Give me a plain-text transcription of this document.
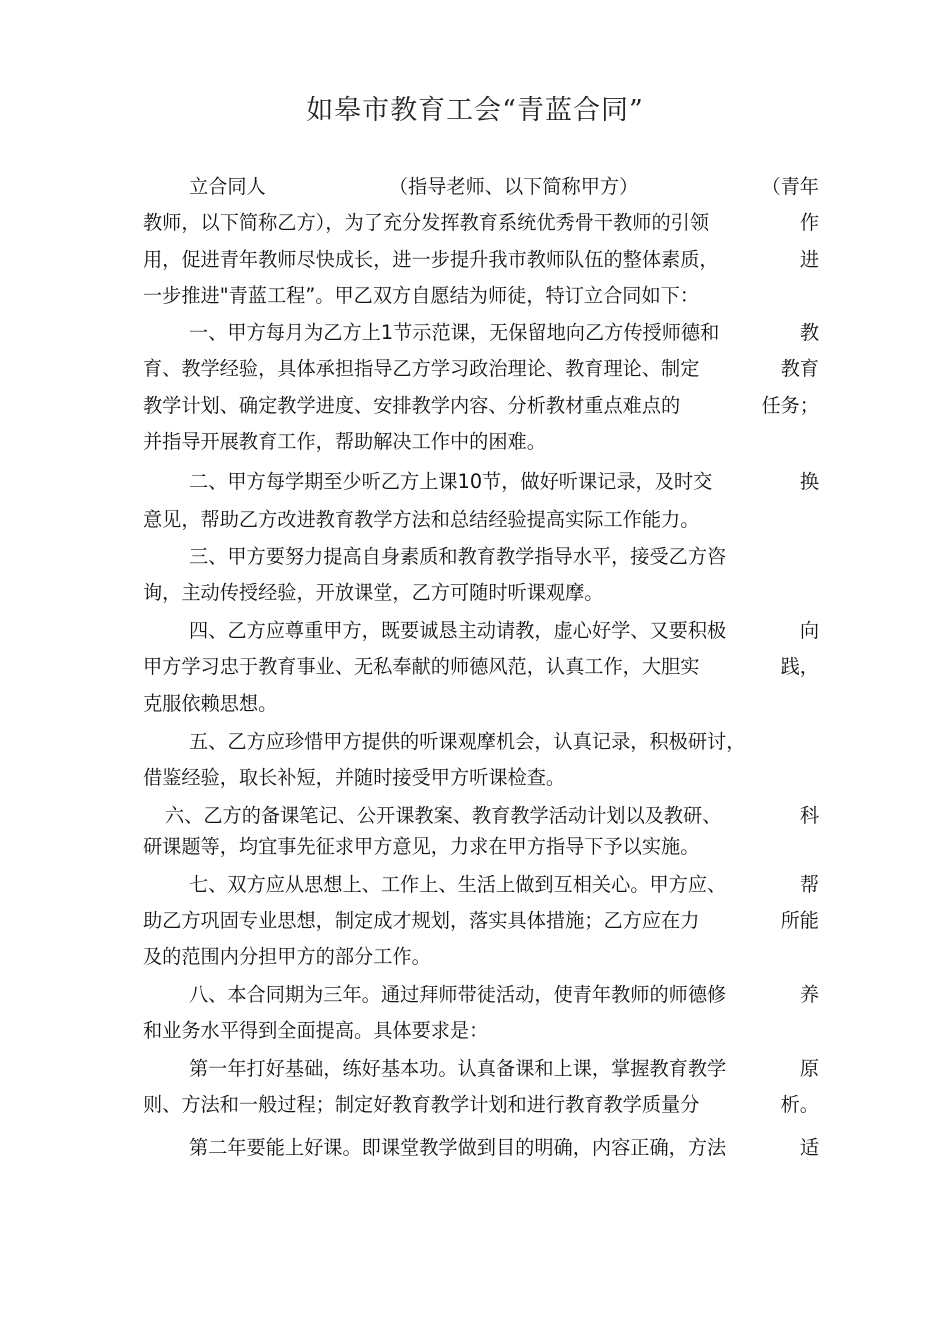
如皋市教育工会“青蓝合同”
立合同人	（指导老师、以下简称甲方）	（青年
教师，以下简称乙方），为了充分发挥教育系统优秀骨干教师的引领	作
用，促进青年教师尽快成长，进一步提升我市教师队伍的整体素质，	进
一步推进"青蓝工程”。甲乙双方自愿结为师徒，特订立合同如下：
一、甲方每月为乙方上1节示范课，无保留地向乙方传授师德和	教
育、教学经验，具体承担指导乙方学习政治理论、教育理论、制定	教育
教学计划、确定教学进度、安排教学内容、分析教材重点难点的	任务；
并指导开展教育工作，帮助解决工作中的困难。
二、甲方每学期至少听乙方上课10节，做好听课记录，及时交	换
意见，帮助乙方改进教育教学方法和总结经验提高实际工作能力。
三、甲方要努力提高自身素质和教育教学指导水平，接受乙方咨
询，主动传授经验，开放课堂，乙方可随时听课观摩。
四、乙方应尊重甲方，既要诚恳主动请教，虚心好学、又要积极	向
甲方学习忠于教育事业、无私奉献的师德风范，认真工作，大胆实	践，
克服依赖思想。
五、乙方应珍惜甲方提供的听课观摩机会，认真记录，积极研讨，
借鉴经验，取长补短，并随时接受甲方听课检查。
六、乙方的备课笔记、公开课教案、教育教学活动计划以及教研、	科
研课题等，均宜事先征求甲方意见，力求在甲方指导下予以实施。
七、双方应从思想上、工作上、生活上做到互相关心。甲方应、	帮
助乙方巩固专业思想，制定成才规划，落实具体措施；乙方应在力	所能
及的范围内分担甲方的部分工作。
八、本合同期为三年。通过拜师带徒活动，使青年教师的师德修	养
和业务水平得到全面提高。具体要求是：
第一年打好基础，练好基本功。认真备课和上课，掌握教育教学	原
则、方法和一般过程；制定好教育教学计划和进行教育教学质量分	析。
第二年要能上好课。即课堂教学做到目的明确，内容正确，方法	适
